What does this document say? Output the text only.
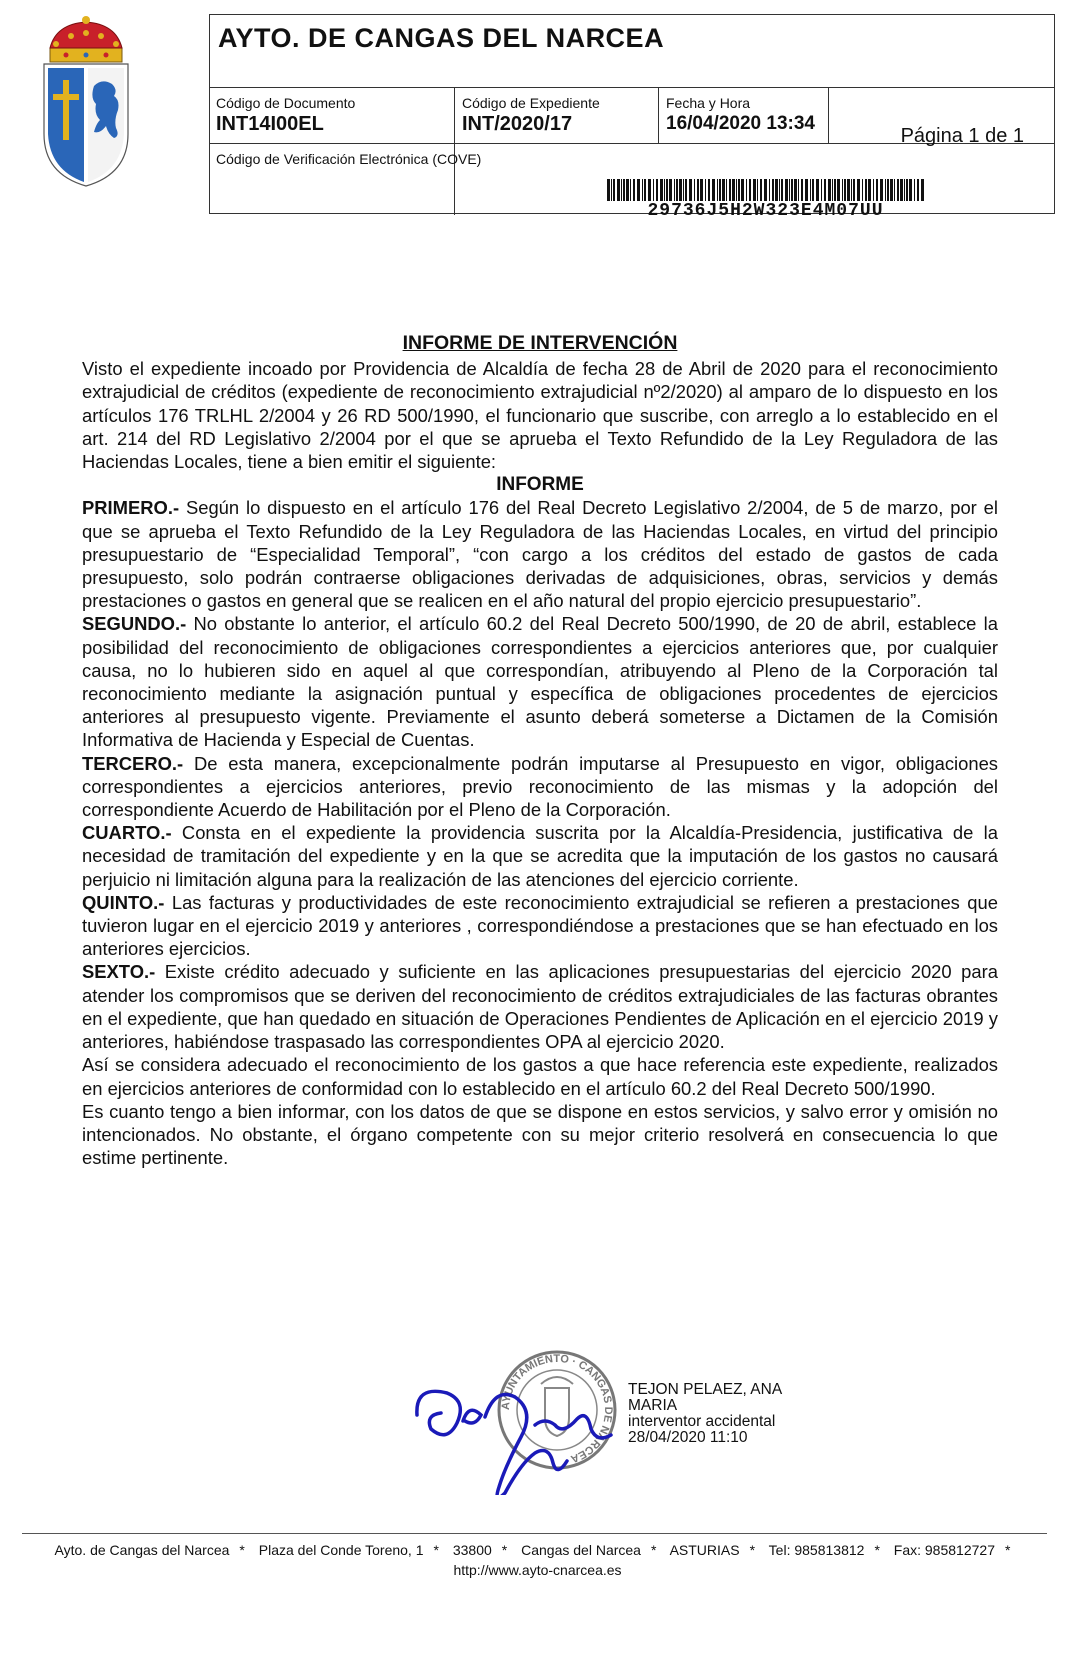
AYTO. DE CANGAS DEL NARCEA
Código de Documento
INT14I00EL
Código de Expediente
INT/2020/17
Fecha y Hora
16/04/2020 13:34
Página 1 de 1
Código de Verificación Electrónica (COVE)
29736J5H2W323E4M07UU
INFORME DE INTERVENCIÓN

Visto el expediente incoado por Providencia de Alcaldía de fecha 28 de Abril de 2020 para el reconocimiento extrajudicial de créditos (expediente de reconocimiento extrajudicial nº2/2020) al amparo de lo dispuesto en los artículos 176 TRLHL 2/2004 y 26 RD 500/1990, el funcionario que suscribe, con arreglo a lo establecido en el art. 214 del RD Legislativo 2/2004 por el que se aprueba el Texto Refundido de la Ley Reguladora de las Haciendas Locales, tiene a bien emitir el siguiente:

INFORME

PRIMERO.- Según lo dispuesto en el artículo 176 del Real Decreto Legislativo 2/2004, de 5 de marzo, por el que se aprueba el Texto Refundido de la Ley Reguladora de las Haciendas Locales, en virtud del principio presupuestario de “Especialidad Temporal”, “con cargo a los créditos del estado de gastos de cada presupuesto, solo podrán contraerse obligaciones derivadas de adquisiciones, obras, servicios y demás prestaciones o gastos en general que se realicen en el año natural del propio ejercicio presupuestario”.

SEGUNDO.- No obstante lo anterior, el artículo 60.2 del Real Decreto 500/1990, de 20 de abril, establece la posibilidad del reconocimiento de obligaciones correspondientes a ejercicios anteriores que, por cualquier causa, no lo hubieren sido en aquel al que correspondían, atribuyendo al Pleno de la Corporación tal reconocimiento mediante la asignación puntual y específica de obligaciones procedentes de ejercicios anteriores al presupuesto vigente. Previamente el asunto deberá someterse a Dictamen de la Comisión Informativa de Hacienda y Especial de Cuentas.

TERCERO.- De esta manera, excepcionalmente podrán imputarse al Presupuesto en vigor, obligaciones correspondientes a ejercicios anteriores, previo reconocimiento de las mismas y la adopción del correspondiente Acuerdo de Habilitación por el Pleno de la Corporación.

CUARTO.- Consta en el expediente la providencia suscrita por la Alcaldía-Presidencia, justificativa de la necesidad de tramitación del expediente y en la que se acredita que la imputación de los gastos no causará perjuicio ni limitación alguna para la realización de las atenciones del ejercicio corriente.

QUINTO.- Las facturas y productividades de este reconocimiento extrajudicial se refieren a prestaciones que tuvieron lugar en el ejercicio 2019 y anteriores , correspondiéndose a prestaciones que se han efectuado en los anteriores ejercicios.

SEXTO.- Existe crédito adecuado y suficiente en las aplicaciones presupuestarias del ejercicio 2020 para atender los compromisos que se deriven del reconocimiento de créditos extrajudiciales de las facturas obrantes en el expediente, que han quedado en situación de Operaciones Pendientes de Aplicación en el ejercicio 2019 y anteriores, habiéndose traspasado las correspondientes OPA al ejercicio 2020.

Así se considera adecuado el reconocimiento de los gastos a que hace referencia este expediente, realizados en ejercicios anteriores de conformidad con lo establecido en el artículo 60.2 del Real Decreto 500/1990.

Es cuanto tengo a bien informar, con los datos de que se dispone en estos servicios, y salvo error y omisión no intencionados. No obstante, el órgano competente con su mejor criterio resolverá en consecuencia lo que estime pertinente.

AYUNTAMIENTO · CANGAS DE NARCEA
TEJON PELAEZ, ANA
MARIA
interventor accidental
28/04/2020 11:10
Ayto. de Cangas del Narcea * Plaza del Conde Toreno, 1 * 33800 * Cangas del Narcea * ASTURIAS * Tel: 985813812 * Fax: 985812727 * http://www.ayto-cnarcea.es
